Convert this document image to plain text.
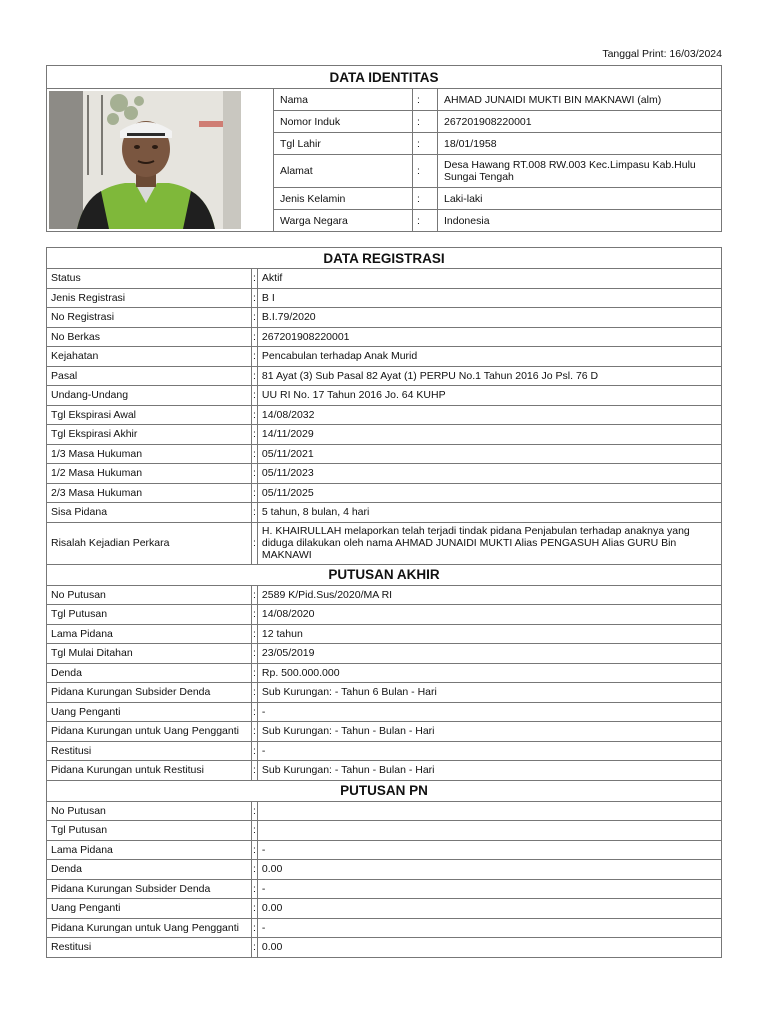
Tanggal Print: 16/03/2024
DATA IDENTITAS			

	Nama	:	AHMAD JUNAIDI MUKTI BIN MAKNAWI (alm)
	Nomor Induk	:	267201908220001
	Tgl Lahir	:	18/01/1958
	Alamat	:	Desa Hawang RT.008 RW.003 Kec.Limpasu Kab.Hulu Sungai Tengah
	Jenis Kelamin	:	Laki-laki
	Warga Negara	:	Indonesia
DATA REGISTRASI		
Status	:	Aktif
Jenis Registrasi	:	B I
No Registrasi	:	B.I.79/2020
No Berkas	:	267201908220001
Kejahatan	:	Pencabulan terhadap Anak Murid
Pasal	:	81 Ayat (3) Sub Pasal 82 Ayat (1) PERPU No.1 Tahun 2016 Jo Psl. 76 D
Undang-Undang	:	UU RI No. 17 Tahun 2016 Jo. 64 KUHP
Tgl Ekspirasi Awal	:	14/08/2032
Tgl Ekspirasi Akhir	:	14/11/2029
1/3 Masa Hukuman	:	05/11/2021
1/2 Masa Hukuman	:	05/11/2023
2/3 Masa Hukuman	:	05/11/2025
Sisa Pidana	:	5 tahun, 8 bulan, 4 hari
Risalah Kejadian Perkara	:	H. KHAIRULLAH melaporkan telah terjadi tindak pidana Penjabulan terhadap anaknya yang diduga dilakukan oleh nama AHMAD JUNAIDI MUKTI Alias PENGASUH Alias GURU Bin MAKNAWI
PUTUSAN AKHIR		
No Putusan	:	2589 K/Pid.Sus/2020/MA RI
Tgl Putusan	:	14/08/2020
Lama Pidana	:	12 tahun
Tgl Mulai Ditahan	:	23/05/2019
Denda	:	Rp. 500.000.000
Pidana Kurungan Subsider Denda	:	Sub Kurungan: - Tahun 6 Bulan - Hari
Uang Penganti	:	-
Pidana Kurungan untuk Uang Pengganti	:	Sub Kurungan: - Tahun - Bulan - Hari
Restitusi	:	-
Pidana Kurungan untuk Restitusi	:	Sub Kurungan: - Tahun - Bulan - Hari
PUTUSAN PN		
No Putusan	:	
Tgl Putusan	:	
Lama Pidana	:	-
Denda	:	0.00
Pidana Kurungan Subsider Denda	:	-
Uang Penganti	:	0.00
Pidana Kurungan untuk Uang Pengganti	:	-
Restitusi	:	0.00
